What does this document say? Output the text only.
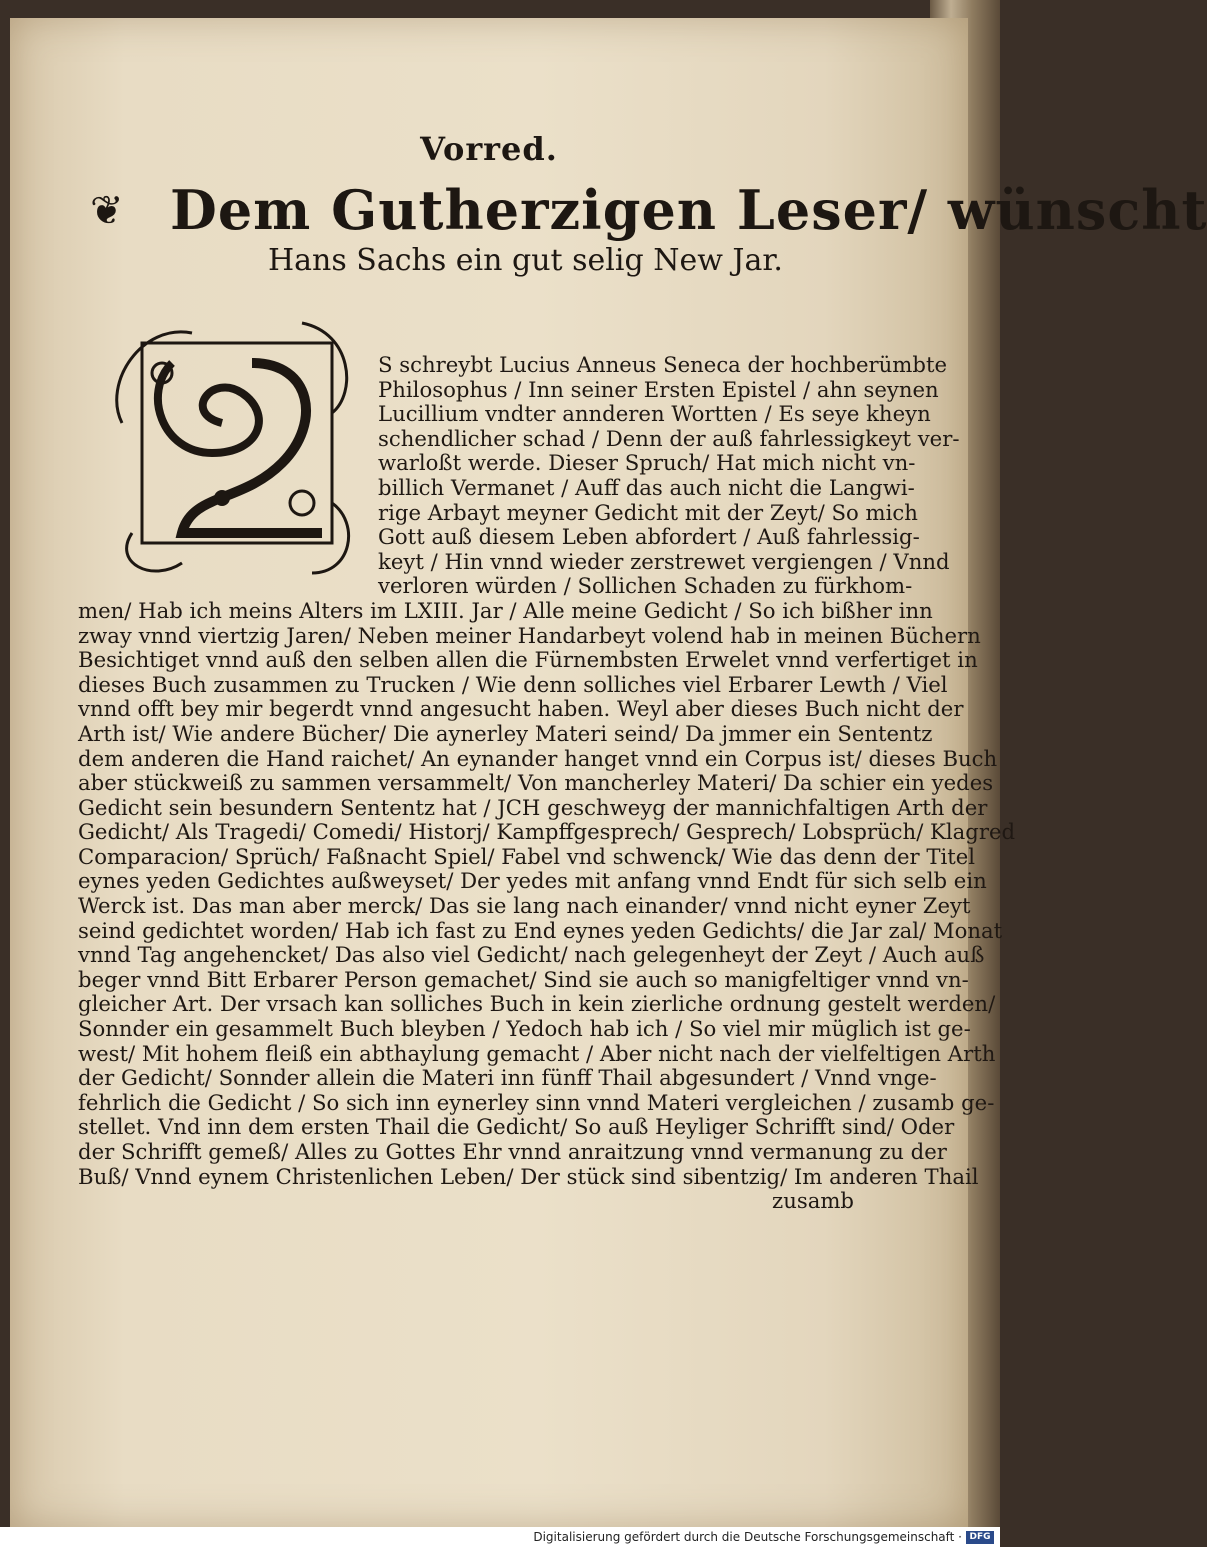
Vorred.
❦ Dem Gutherzigen Leser/ wünscht
Hans Sachs ein gut selig New Jar.
S schreybt Lucius Anneus Seneca der hochberümbte
Philosophus / Inn seiner Ersten Epistel / ahn seynen
Lucillium vndter annderen Wortten / Es seye kheyn
schendlicher schad / Denn der auß fahrlessigkeyt ver-
warloßt werde. Dieser Spruch/ Hat mich nicht vn-
billich Vermanet / Auff das auch nicht die Langwi-
rige Arbayt meyner Gedicht mit der Zeyt/ So mich
Gott auß diesem Leben abfordert / Auß fahrlessig-
keyt / Hin vnnd wieder zerstrewet vergiengen / Vnnd
verloren würden / Sollichen Schaden zu fürkhom-
men/ Hab ich meins Alters im LXIII. Jar / Alle meine Gedicht / So ich bißher inn
zway vnnd viertzig Jaren/ Neben meiner Handarbeyt volend hab in meinen Büchern
Besichtiget vnnd auß den selben allen die Fürnembsten Erwelet vnnd verfertiget in
dieses Buch zusammen zu Trucken / Wie denn solliches viel Erbarer Lewth / Viel
vnnd offt bey mir begerdt vnnd angesucht haben. Weyl aber dieses Buch nicht der
Arth ist/ Wie andere Bücher/ Die aynerley Materi seind/ Da jmmer ein Sententz
dem anderen die Hand raichet/ An eynander hanget vnnd ein Corpus ist/ dieses Buch
aber stückweiß zu sammen versammelt/ Von mancherley Materi/ Da schier ein yedes
Gedicht sein besundern Sententz hat / JCH geschweyg der mannichfaltigen Arth der
Gedicht/ Als Tragedi/ Comedi/ Historj/ Kampffgesprech/ Gesprech/ Lobsprüch/ Klagred
Comparacion/ Sprüch/ Faßnacht Spiel/ Fabel vnd schwenck/ Wie das denn der Titel
eynes yeden Gedichtes außweyset/ Der yedes mit anfang vnnd Endt für sich selb ein
Werck ist. Das man aber merck/ Das sie lang nach einander/ vnnd nicht eyner Zeyt
seind gedichtet worden/ Hab ich fast zu End eynes yeden Gedichts/ die Jar zal/ Monat
vnnd Tag angehencket/ Das also viel Gedicht/ nach gelegenheyt der Zeyt / Auch auß
beger vnnd Bitt Erbarer Person gemachet/ Sind sie auch so manigfeltiger vnnd vn-
gleicher Art. Der vrsach kan solliches Buch in kein zierliche ordnung gestelt werden/
Sonnder ein gesammelt Buch bleyben / Yedoch hab ich / So viel mir müglich ist ge-
west/ Mit hohem fleiß ein abthaylung gemacht / Aber nicht nach der vielfeltigen Arth
der Gedicht/ Sonnder allein die Materi inn fünff Thail abgesundert / Vnnd vnge-
fehrlich die Gedicht / So sich inn eynerley sinn vnnd Materi vergleichen / zusamb ge-
stellet. Vnd inn dem ersten Thail die Gedicht/ So auß Heyliger Schrifft sind/ Oder
der Schrifft gemeß/ Alles zu Gottes Ehr vnnd anraitzung vnnd vermanung zu der
Buß/ Vnnd eynem Christenlichen Leben/ Der stück sind sibentzig/ Im anderen Thail
zusamb
Digitalisierung gefördert durch die Deutsche Forschungsgemeinschaft · DFG
